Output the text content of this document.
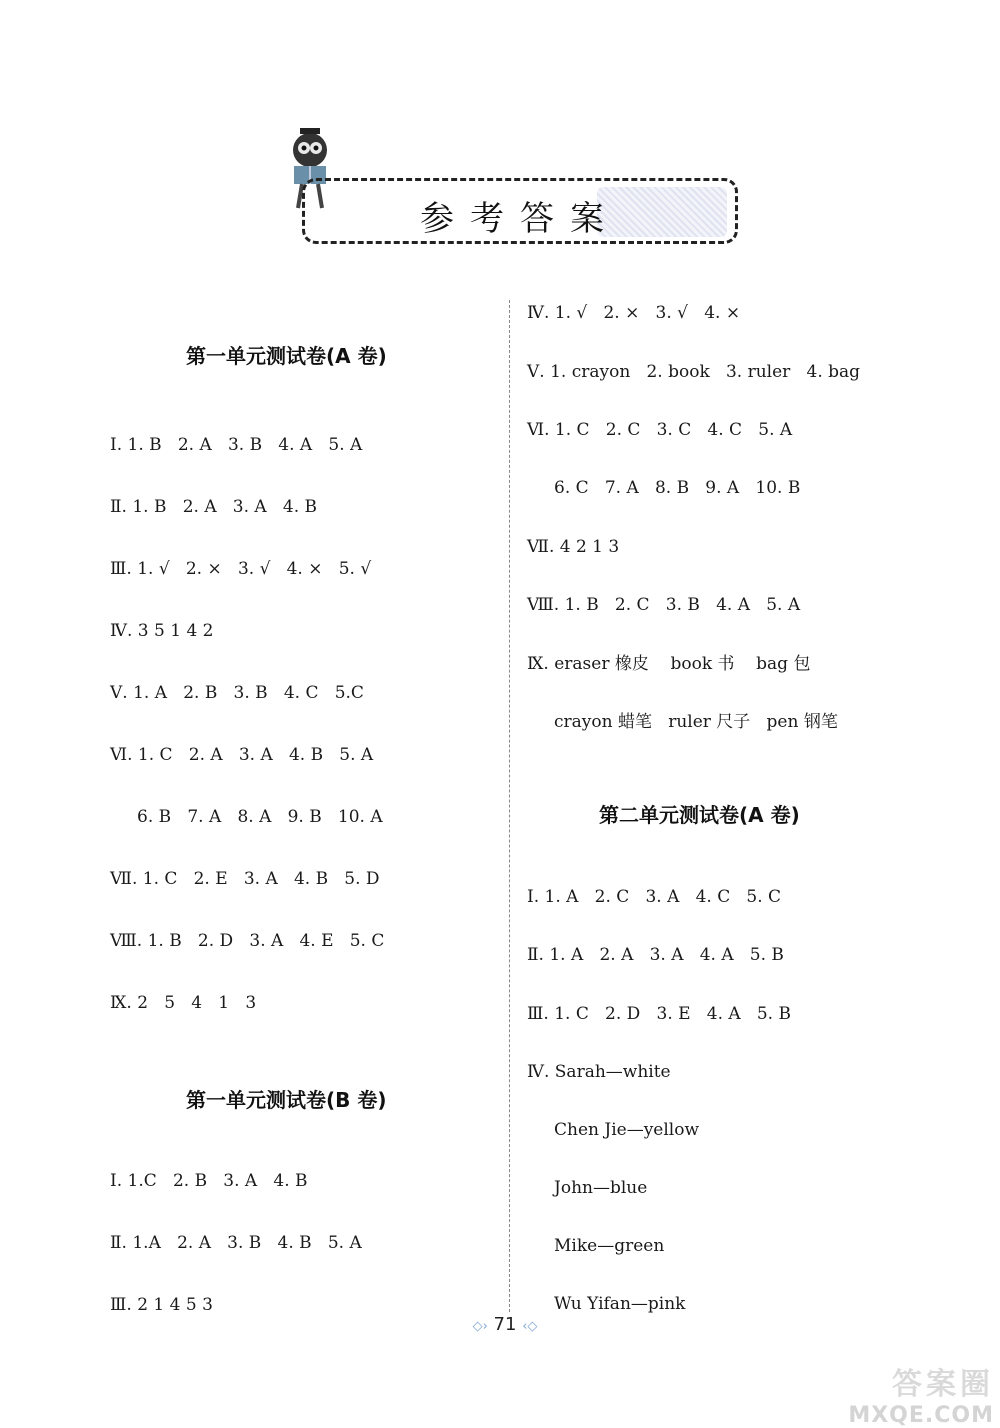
参考答案
第一单元测试卷(A 卷)
Ⅰ. 1. B   2. A   3. B   4. A   5. A
Ⅱ. 1. B   2. A   3. A   4. B
Ⅲ. 1. √   2. ×   3. √   4. ×   5. √
Ⅳ. 3 5 1 4 2
Ⅴ. 1. A   2. B   3. B   4. C   5.C
Ⅵ. 1. C   2. A   3. A   4. B   5. A
6. B   7. A   8. A   9. B   10. A
Ⅶ. 1. C   2. E   3. A   4. B   5. D
Ⅷ. 1. B   2. D   3. A   4. E   5. C
Ⅸ. 2   5   4   1   3
第一单元测试卷(B 卷)
Ⅰ. 1.C   2. B   3. A   4. B
Ⅱ. 1.A   2. A   3. B   4. B   5. A
Ⅲ. 2 1 4 5 3
Ⅳ. 1. √   2. ×   3. √   4. ×
Ⅴ. 1. crayon   2. book   3. ruler   4. bag
Ⅵ. 1. C   2. C   3. C   4. C   5. A
6. C   7. A   8. B   9. A   10. B
Ⅶ. 4 2 1 3
Ⅷ. 1. B   2. C   3. B   4. A   5. A
Ⅸ. eraser 橡皮    book 书    bag 包
crayon 蜡笔   ruler 尺子   pen 钢笔
第二单元测试卷(A 卷)
Ⅰ. 1. A   2. C   3. A   4. C   5. C
Ⅱ. 1. A   2. A   3. A   4. A   5. B
Ⅲ. 1. C   2. D   3. E   4. A   5. B
Ⅳ. Sarah—white
Chen Jie—yellow
John—blue
Mike—green
Wu Yifan—pink
◇› 71 ‹◇
答案圈
MXQE.COM
